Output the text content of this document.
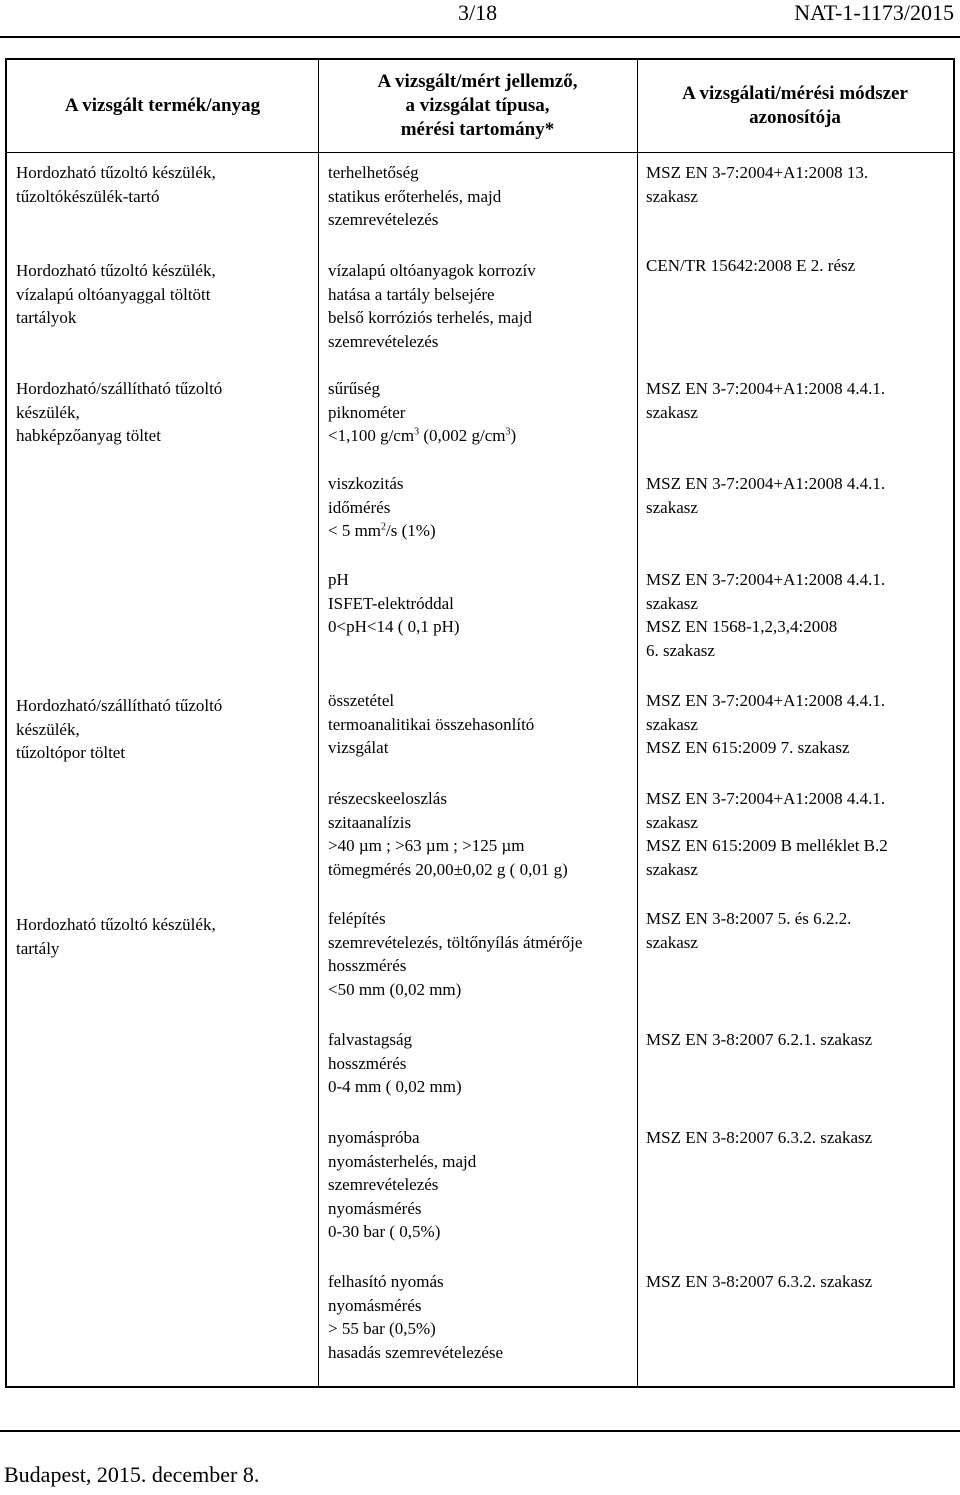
3/18	NAT-1-1173/2015
A vizsgált termék/anyag
A vizsgált/mért jellemző,
a vizsgálat típusa,
mérési tartomány*
A vizsgálati/mérési módszer
azonosítója
Hordozható tűzoltó készülék,
tűzoltókészülék-tartó
Hordozható tűzoltó készülék,
vízalapú oltóanyaggal töltött
tartályok
Hordozható/szállítható tűzoltó
készülék,
habképzőanyag töltet
Hordozható/szállítható tűzoltó
készülék,
tűzoltópor töltet
Hordozható tűzoltó készülék,
tartály
terhelhetőség
statikus erőterhelés, majd
szemrevételezés
vízalapú oltóanyagok korrozív
hatása a tartály belsejére
belső korróziós terhelés, majd
szemrevételezés
sűrűség
piknométer
<1,100 $g/cm^3$ (0,002 $g/cm^3$)
viszkozitás
időmérés
< 5 $mm^2/s$ (1%)
pH
ISFET-elektróddal
0<pH<14 ( 0,1 pH)
összetétel
termoanalitikai összehasonlító
vizsgálat
részecskeeloszlás
szitaanalízis
>40 µm ; >63 µm ; >125 µm
tömegmérés 20,00±0,02 g ( 0,01 g)
felépítés
szemrevételezés, töltőnyílás átmérője
hosszmérés
<50 mm (0,02 mm)
falvastagság
hosszmérés
0-4 mm ( 0,02 mm)
nyomáspróba
nyomásterhelés, majd
szemrevételezés
nyomásmérés
0-30 bar ( 0,5%)
felhasító nyomás
nyomásmérés
> 55 bar (0,5%)
hasadás szemrevételezése
MSZ EN 3-7:2004+A1:2008 13.
szakasz
CEN/TR 15642:2008 E 2. rész
MSZ EN 3-7:2004+A1:2008 4.4.1.
szakasz
MSZ EN 3-7:2004+A1:2008 4.4.1.
szakasz
MSZ EN 3-7:2004+A1:2008 4.4.1.
szakasz
MSZ EN 1568-1,2,3,4:2008
6. szakasz
MSZ EN 3-7:2004+A1:2008 4.4.1.
szakasz
MSZ EN 615:2009 7. szakasz
MSZ EN 3-7:2004+A1:2008 4.4.1.
szakasz
MSZ EN 615:2009 B melléklet B.2
szakasz
MSZ EN 3-8:2007 5. és 6.2.2.
szakasz
MSZ EN 3-8:2007 6.2.1. szakasz
MSZ EN 3-8:2007 6.3.2. szakasz
MSZ EN 3-8:2007 6.3.2. szakasz
Budapest, 2015. december 8.
